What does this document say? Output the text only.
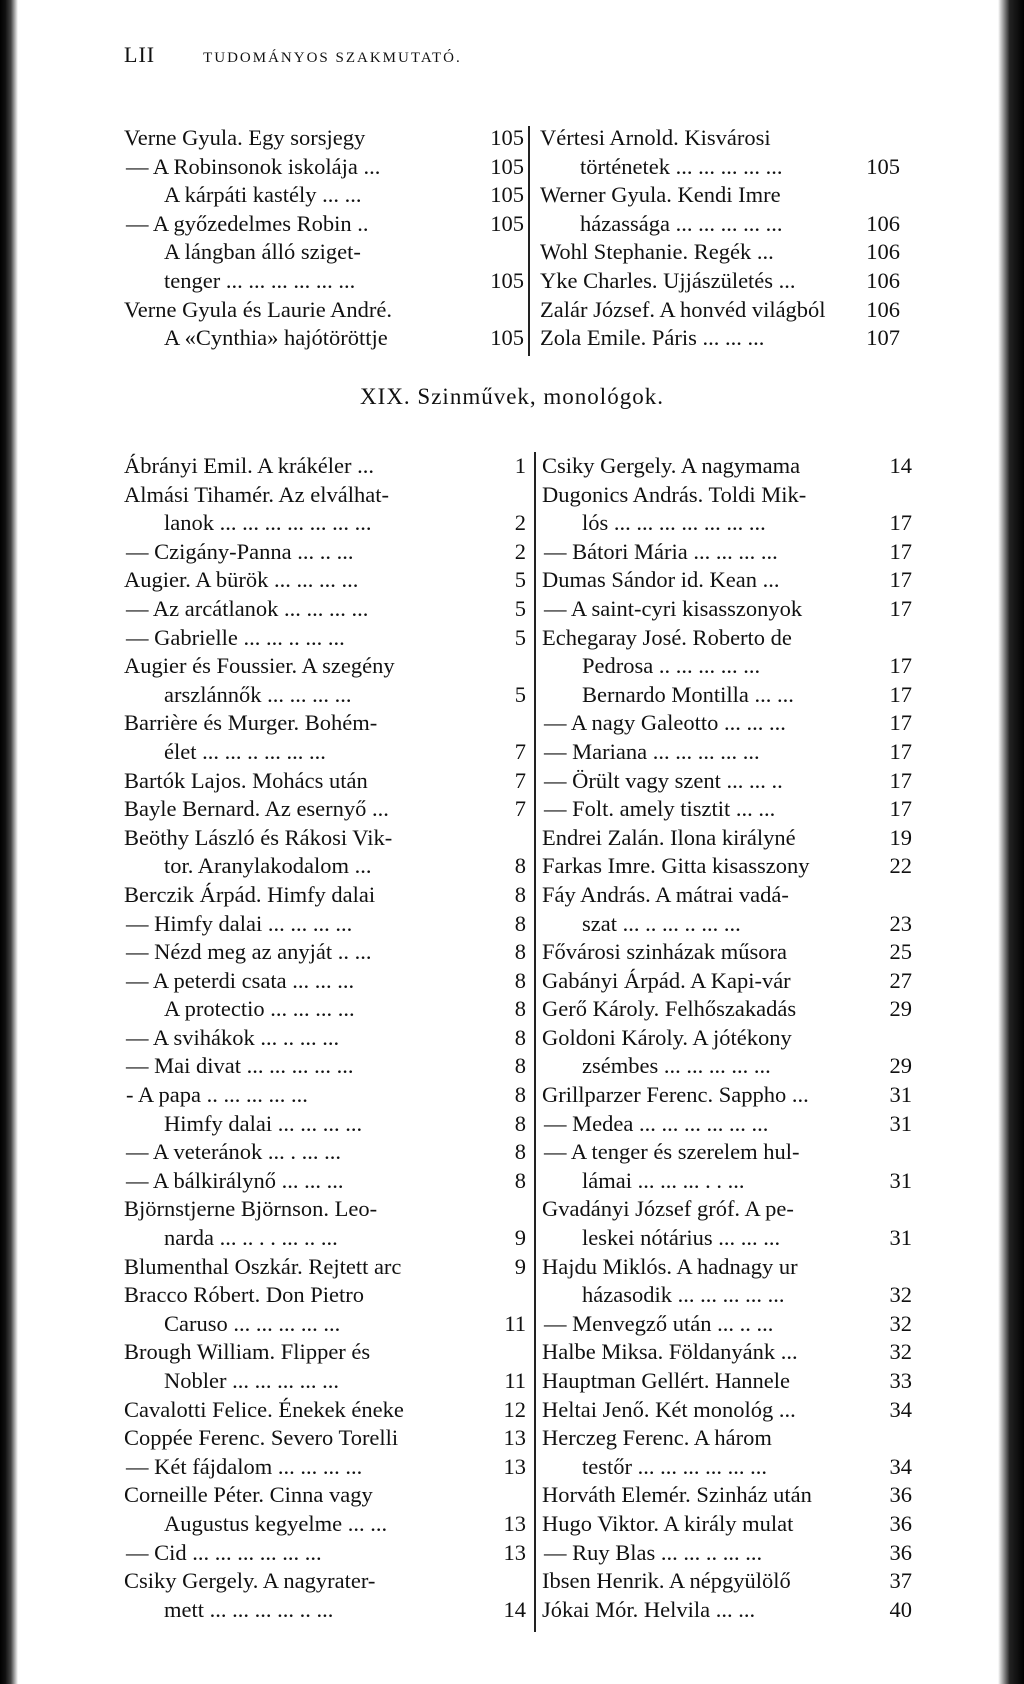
LII	TUDOMÁNYOS SZAKMUTATÓ.
Verne Gyula. Egy sorsjegy	105
— A Robinsonok iskolája ...	105
A kárpáti kastély ... ...	105
— A győzedelmes Robin ..	105
A lángban álló sziget-
tenger ... ... ... ... ... ...	105
Verne Gyula és Laurie André.
A «Cynthia» hajótöröttje	105
Vértesi Arnold. Kisvárosi
történetek ... ... ... ... ...	105
Werner Gyula. Kendi Imre
házassága ... ... ... ... ...	106
Wohl Stephanie. Regék ...	106
Yke Charles. Ujjászületés ...	106
Zalár József. A honvéd világból	106
Zola Emile. Páris ... ... ...	107
XIX. Szinművek, monológok.
Ábrányi Emil. A krákéler ...	1
Almási Tihamér. Az elválhat-
lanok ... ... ... ... ... ... ...	2
— Czigány-Panna ... .. ...	2
Augier. A bürök ... ... ... ...	5
— Az arcátlanok ... ... ... ...	5
— Gabrielle ... ... .. ... ...	5
Augier és Foussier. A szegény
arszlánnők ... ... ... ...	5
Barrière és Murger. Bohém-
élet ... ... .. ... ... ...	7
Bartók Lajos. Mohács után	7
Bayle Bernard. Az esernyő ...	7
Beöthy László és Rákosi Vik-
tor. Aranylakodalom ...	8
Berczik Árpád. Himfy dalai	8
— Himfy dalai ... ... ... ...	8
— Nézd meg az anyját .. ...	8
— A peterdi csata ... ... ...	8
A protectio ... ... ... ...	8
— A svihákok ... .. ... ...	8
— Mai divat ... ... ... ... ...	8
- A papa .. ... ... ... ...	8
Himfy dalai ... ... ... ...	8
— A veteránok ... . ... ...	8
— A bálkirálynő ... ... ...	8
Björnstjerne Björnson. Leo-
narda ... .. . . ... .. ...	9
Blumenthal Oszkár. Rejtett arc	9
Bracco Róbert. Don Pietro
Caruso ... ... ... ... ...	11
Brough William. Flipper és
Nobler ... ... ... ... ...	11
Cavalotti Felice. Énekek éneke	12
Coppée Ferenc. Severo Torelli	13
— Két fájdalom ... ... ... ...	13
Corneille Péter. Cinna vagy
Augustus kegyelme ... ...	13
— Cid ... ... ... ... ... ...	13
Csiky Gergely. A nagyrater-
mett ... ... ... ... .. ...	14
Csiky Gergely. A nagymama	14
Dugonics András. Toldi Mik-
lós ... ... ... ... ... ... ...	17
— Bátori Mária ... ... ... ...	17
Dumas Sándor id. Kean ...	17
— A saint-cyri kisasszonyok	17
Echegaray José. Roberto de
Pedrosa .. ... ... ... ...	17
Bernardo Montilla ... ...	17
— A nagy Galeotto ... ... ...	17
— Mariana ... ... ... ... ...	17
— Örült vagy szent ... ... ..	17
— Folt. amely tisztit ... ...	17
Endrei Zalán. Ilona királyné	19
Farkas Imre. Gitta kisasszony	22
Fáy András. A mátrai vadá-
szat ... .. ... .. ... ...	23
Fővárosi szinházak műsora	25
Gabányi Árpád. A Kapi-vár	27
Gerő Károly. Felhőszakadás	29
Goldoni Károly. A jótékony
zsémbes ... ... ... ... ...	29
Grillparzer Ferenc. Sappho ...	31
— Medea ... ... ... ... ... ...	31
— A tenger és szerelem hul-
lámai ... ... ... . . ...	31
Gvadányi József gróf. A pe-
leskei nótárius ... ... ...	31
Hajdu Miklós. A hadnagy ur
házasodik ... ... ... ... ...	32
— Menvegző után ... .. ...	32
Halbe Miksa. Földanyánk ...	32
Hauptman Gellért. Hannele	33
Heltai Jenő. Két monológ ...	34
Herczeg Ferenc. A három
testőr ... ... ... ... ... ...	34
Horváth Elemér. Szinház után	36
Hugo Viktor. A király mulat	36
— Ruy Blas ... ... .. ... ...	36
Ibsen Henrik. A népgyülölő	37
Jókai Mór. Helvila ... ...	40
